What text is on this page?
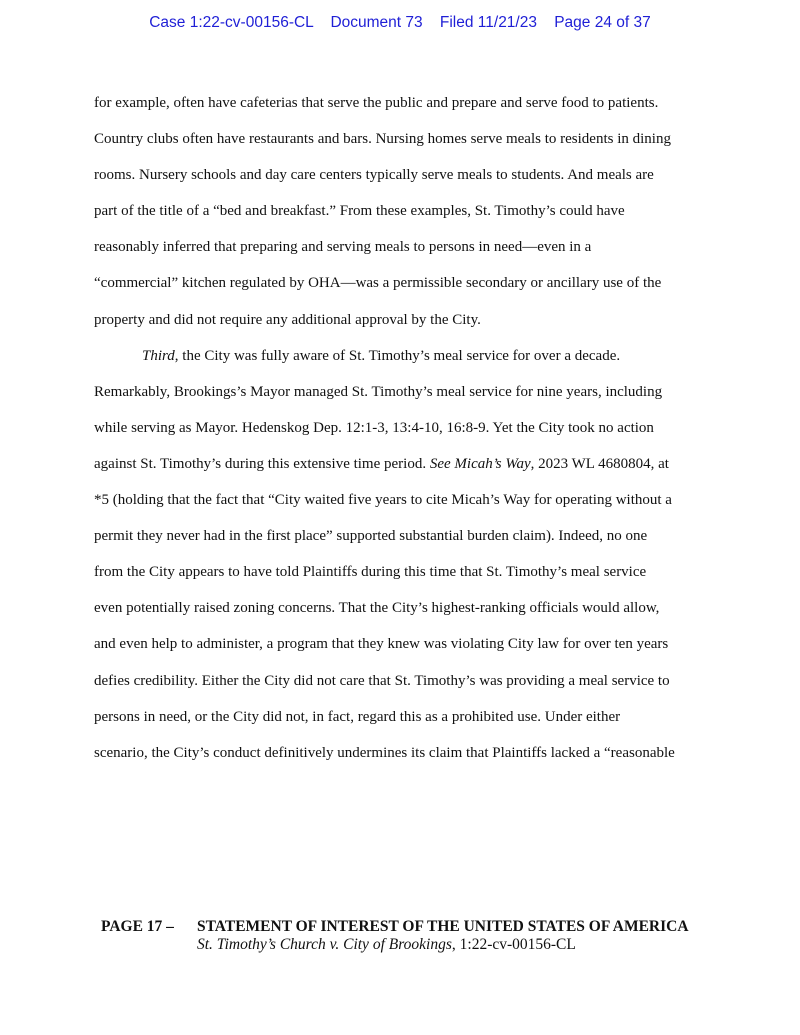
Case 1:22-cv-00156-CL Document 73 Filed 11/21/23 Page 24 of 37
for example, often have cafeterias that serve the public and prepare and serve food to patients.
Country clubs often have restaurants and bars. Nursing homes serve meals to residents in dining
rooms. Nursery schools and day care centers typically serve meals to students. And meals are
part of the title of a “bed and breakfast.” From these examples, St. Timothy’s could have
reasonably inferred that preparing and serving meals to persons in need—even in a
“commercial” kitchen regulated by OHA—was a permissible secondary or ancillary use of the
property and did not require any additional approval by the City.
Third, the City was fully aware of St. Timothy’s meal service for over a decade.
Remarkably, Brookings’s Mayor managed St. Timothy’s meal service for nine years, including
while serving as Mayor. Hedenskog Dep. 12:1-3, 13:4-10, 16:8-9. Yet the City took no action
against St. Timothy’s during this extensive time period. See Micah’s Way, 2023 WL 4680804, at
*5 (holding that the fact that “City waited five years to cite Micah’s Way for operating without a
permit they never had in the first place” supported substantial burden claim). Indeed, no one
from the City appears to have told Plaintiffs during this time that St. Timothy’s meal service
even potentially raised zoning concerns. That the City’s highest-ranking officials would allow,
and even help to administer, a program that they knew was violating City law for over ten years
defies credibility. Either the City did not care that St. Timothy’s was providing a meal service to
persons in need, or the City did not, in fact, regard this as a prohibited use. Under either
scenario, the City’s conduct definitively undermines its claim that Plaintiffs lacked a “reasonable
PAGE 17 –	STATEMENT OF INTEREST OF THE UNITED STATES OF AMERICA
St. Timothy’s Church v. City of Brookings, 1:22-cv-00156-CL
